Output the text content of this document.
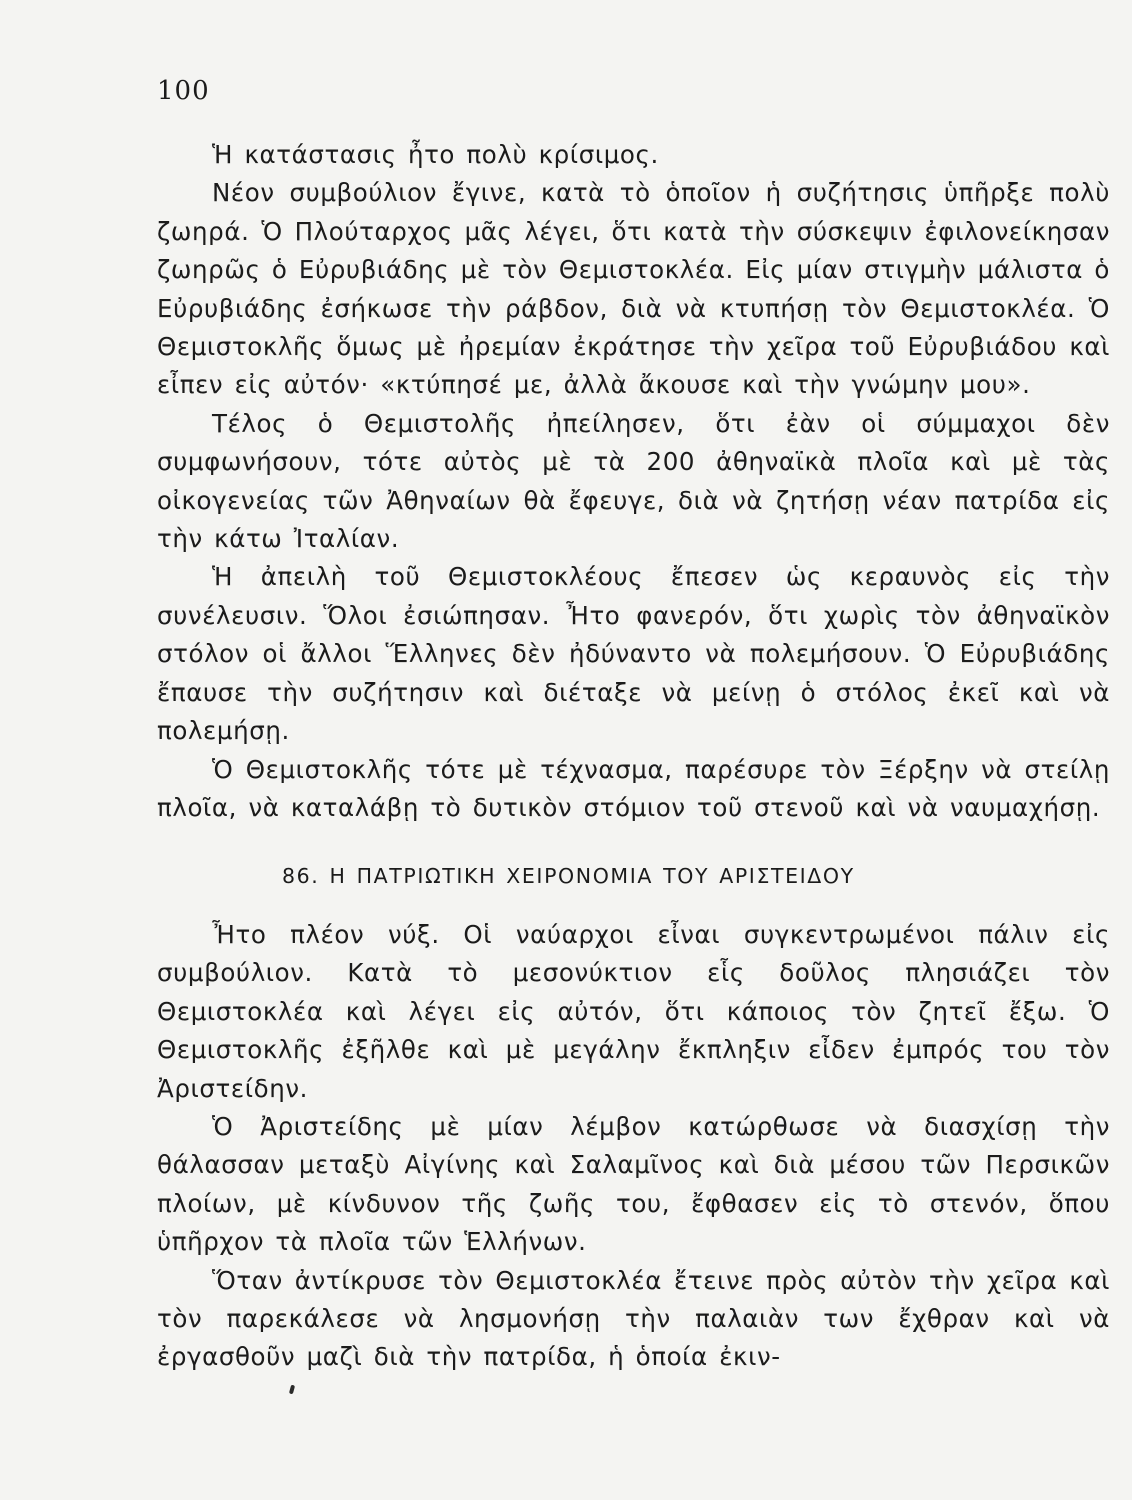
100

Ἡ κατάστασις ἦτο πολὺ κρίσιμος.

Νέον συμβούλιον ἔγινε, κατὰ τὸ ὁποῖον ἡ συζήτησις ὑπῆρξε πολὺ ζωηρά. Ὁ Πλούταρχος μᾶς λέγει, ὅτι κατὰ τὴν σύσκεψιν ἐφιλονείκησαν ζωηρῶς ὁ Εὐρυβιάδης μὲ τὸν Θεμιστοκλέα. Εἰς μίαν στιγμὴν μάλιστα ὁ Εὐρυβιάδης ἐσήκωσε τὴν ράβδον, διὰ νὰ κτυπήσῃ τὸν Θεμιστοκλέα. Ὁ Θεμιστοκλῆς ὅμως μὲ ἠρεμίαν ἐκράτησε τὴν χεῖρα τοῦ Εὐρυβιάδου καὶ εἶπεν εἰς αὐτόν· «κτύπησέ με, ἀλλὰ ἄκουσε καὶ τὴν γνώμην μου».

Τέλος ὁ Θεμιστολῆς ἠπείλησεν, ὅτι ἐὰν οἱ σύμμαχοι δὲν συμφωνήσουν, τότε αὐτὸς μὲ τὰ 200 ἀθηναϊκὰ πλοῖα καὶ μὲ τὰς οἰκογενείας τῶν Ἀθηναίων θὰ ἔφευγε, διὰ νὰ ζητήσῃ νέαν πατρίδα εἰς τὴν κάτω Ἰταλίαν.

Ἡ ἀπειλὴ τοῦ Θεμιστοκλέους ἔπεσεν ὡς κεραυνὸς εἰς τὴν συνέλευσιν. Ὅλοι ἐσιώπησαν. Ἦτο φανερόν, ὅτι χωρὶς τὸν ἀθηναϊκὸν στόλον οἱ ἄλλοι Ἕλληνες δὲν ἠδύναντο νὰ πολεμήσουν. Ὁ Εὐρυβιάδης ἔπαυσε τὴν συζήτησιν καὶ διέταξε νὰ μείνῃ ὁ στόλος ἐκεῖ καὶ νὰ πολεμήσῃ.

Ὁ Θεμιστοκλῆς τότε μὲ τέχνασμα, παρέσυρε τὸν Ξέρξην νὰ στείλῃ πλοῖα, νὰ καταλάβῃ τὸ δυτικὸν στόμιον τοῦ στενοῦ καὶ νὰ ναυμαχήσῃ.

86. Η ΠΑΤΡΙΩΤΙΚΗ ΧΕΙΡΟΝΟΜΙΑ ΤΟΥ ΑΡΙΣΤΕΙΔΟΥ

Ἦτο πλέον νύξ. Οἱ ναύαρχοι εἶναι συγκεντρωμένοι πάλιν εἰς συμβούλιον. Κατὰ τὸ μεσονύκτιον εἷς δοῦλος πλησιάζει τὸν Θεμιστοκλέα καὶ λέγει εἰς αὐτόν, ὅτι κάποιος τὸν ζητεῖ ἔξω. Ὁ Θεμιστοκλῆς ἐξῆλθε καὶ μὲ μεγάλην ἔκπληξιν εἶδεν ἐμπρός του τὸν Ἀριστείδην.

Ὁ Ἀριστείδης μὲ μίαν λέμβον κατώρθωσε νὰ διασχίσῃ τὴν θάλασσαν μεταξὺ Αἰγίνης καὶ Σαλαμῖνος καὶ διὰ μέσου τῶν Περσικῶν πλοίων, μὲ κίνδυνον τῆς ζωῆς του, ἔφθασεν εἰς τὸ στενόν, ὅπου ὑπῆρχον τὰ πλοῖα τῶν Ἑλλήνων.

Ὅταν ἀντίκρυσε τὸν Θεμιστοκλέα ἔτεινε πρὸς αὐτὸν τὴν χεῖρα καὶ τὸν παρεκάλεσε νὰ λησμονήσῃ τὴν παλαιὰν των ἔχθραν καὶ νὰ ἐργασθοῦν μαζὶ διὰ τὴν πατρίδα, ἡ ὁποία ἐκιν-
